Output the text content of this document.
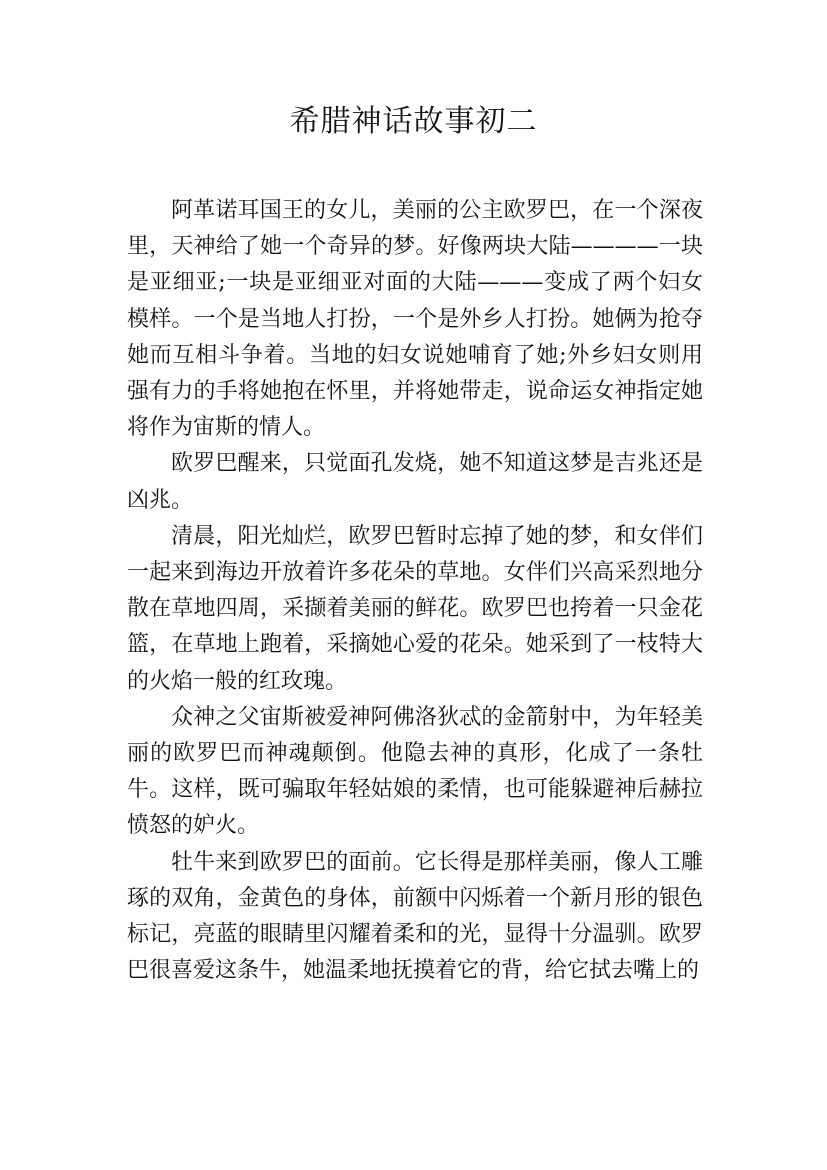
希腊神话故事初二

阿革诺耳国王的女儿，美丽的公主欧罗巴，在一个深夜里，天神给了她一个奇异的梦。好像两块大陆————一块是亚细亚;一块是亚细亚对面的大陆———变成了两个妇女模样。一个是当地人打扮，一个是外乡人打扮。她俩为抢夺她而互相斗争着。当地的妇女说她哺育了她;外乡妇女则用强有力的手将她抱在怀里，并将她带走，说命运女神指定她将作为宙斯的情人。

欧罗巴醒来，只觉面孔发烧，她不知道这梦是吉兆还是凶兆。

清晨，阳光灿烂，欧罗巴暂时忘掉了她的梦，和女伴们一起来到海边开放着许多花朵的草地。女伴们兴高采烈地分散在草地四周，采撷着美丽的鲜花。欧罗巴也挎着一只金花篮，在草地上跑着，采摘她心爱的花朵。她采到了一枝特大的火焰一般的红玫瑰。

众神之父宙斯被爱神阿佛洛狄忒的金箭射中，为年轻美丽的欧罗巴而神魂颠倒。他隐去神的真形，化成了一条牡牛。这样，既可骗取年轻姑娘的柔情，也可能躲避神后赫拉愤怒的妒火。

牡牛来到欧罗巴的面前。它长得是那样美丽，像人工雕琢的双角，金黄色的身体，前额中闪烁着一个新月形的银色标记，亮蓝的眼睛里闪耀着柔和的光，显得十分温驯。欧罗巴很喜爱这条牛，她温柔地抚摸着它的背，给它拭去嘴上的
